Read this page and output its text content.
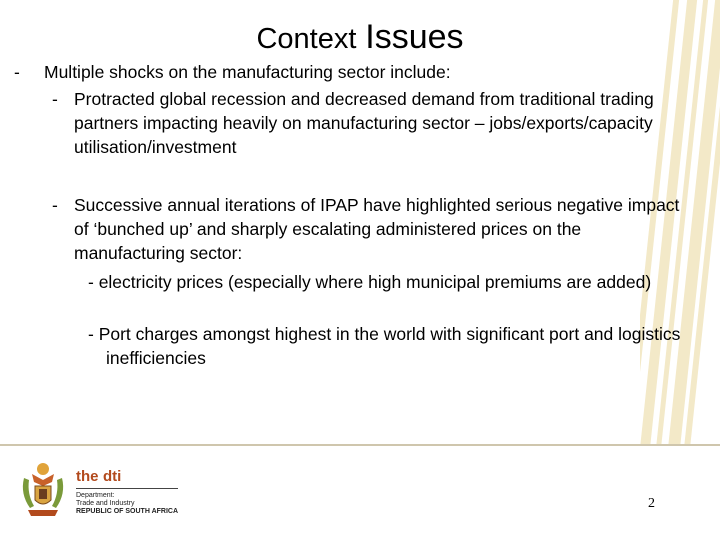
Context Issues
-	Multiple shocks on the manufacturing sector include:
- Protracted global recession and decreased demand from traditional trading partners impacting heavily on manufacturing sector – jobs/exports/capacity utilisation/investment
- Successive annual iterations of IPAP have highlighted serious negative impact of ‘bunched up’ and sharply escalating administered prices on the manufacturing sector:
- electricity prices (especially where high municipal premiums are added)
- Port charges amongst highest in the world with significant port and logistics inefficiencies
the dti
Department:
Trade and Industry
REPUBLIC OF SOUTH AFRICA
2
